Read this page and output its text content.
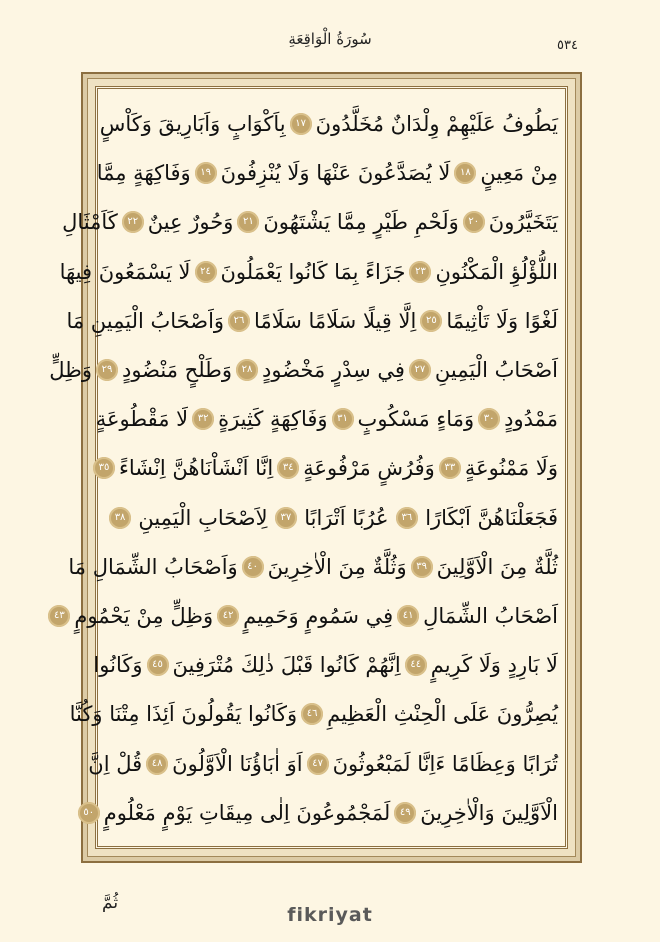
سُورَةُ الْوَاقِعَةِ	٥٣٤
يَطُوفُ عَلَيْهِمْ وِلْدَانٌ مُخَلَّدُونَ
١٧
بِاَكْوَابٍ وَاَبَارِيقَ وَكَاْسٍ
مِنْ مَعِينٍ
١٨
لَا يُصَدَّعُونَ عَنْهَا وَلَا يُنْزِفُونَ
١٩
وَفَاكِهَةٍ مِمَّا
يَتَخَيَّرُونَ
٢٠
وَلَحْمِ طَيْرٍ مِمَّا يَشْتَهُونَ
٢١
وَحُورٌ عِينٌ
٢٢
كَاَمْثَالِ
اللُّؤْلُؤِ الْمَكْنُونِ
٢٣
جَزَاءً بِمَا كَانُوا يَعْمَلُونَ
٢٤
لَا يَسْمَعُونَ فِيهَا
لَغْوًا وَلَا تَاْثِيمًا
٢٥
اِلَّا قِيلًا سَلَامًا سَلَامًا
٢٦
وَاَصْحَابُ الْيَمِينِ مَا
اَصْحَابُ الْيَمِينِ
٢٧
فِي سِدْرٍ مَخْضُودٍ
٢٨
وَطَلْحٍ مَنْضُودٍ
٢٩
وَظِلٍّ
مَمْدُودٍ
٣٠
وَمَاءٍ مَسْكُوبٍ
٣١
وَفَاكِهَةٍ كَثِيرَةٍ
٣٢
لَا مَقْطُوعَةٍ
وَلَا مَمْنُوعَةٍ
٣٣
وَفُرُشٍ مَرْفُوعَةٍ
٣٤
اِنَّا اَنْشَاْنَاهُنَّ اِنْشَاءً
٣٥
فَجَعَلْنَاهُنَّ اَبْكَارًا
٣٦
عُرُبًا اَتْرَابًا
٣٧
لِاَصْحَابِ الْيَمِينِ
٣٨
ثُلَّةٌ مِنَ الْاَوَّلِينَ
٣٩
وَثُلَّةٌ مِنَ الْاٰخِرِينَ
٤٠
وَاَصْحَابُ الشِّمَالِ مَا
اَصْحَابُ الشِّمَالِ
٤١
فِي سَمُومٍ وَحَمِيمٍ
٤٢
وَظِلٍّ مِنْ يَحْمُومٍ
٤٣
لَا بَارِدٍ وَلَا كَرِيمٍ
٤٤
اِنَّهُمْ كَانُوا قَبْلَ ذٰلِكَ مُتْرَفِينَ
٤٥
وَكَانُوا
يُصِرُّونَ عَلَى الْحِنْثِ الْعَظِيمِ
٤٦
وَكَانُوا يَقُولُونَ اَئِذَا مِتْنَا وَكُنَّا
تُرَابًا وَعِظَامًا ءَاِنَّا لَمَبْعُوثُونَ
٤٧
اَوَ اٰبَاؤُنَا الْاَوَّلُونَ
٤٨
قُلْ اِنَّ
الْاَوَّلِينَ وَالْاٰخِرِينَ
٤٩
لَمَجْمُوعُونَ اِلٰى مِيقَاتِ يَوْمٍ مَعْلُومٍ
٥٠
ثُمَّ
fikriyat
